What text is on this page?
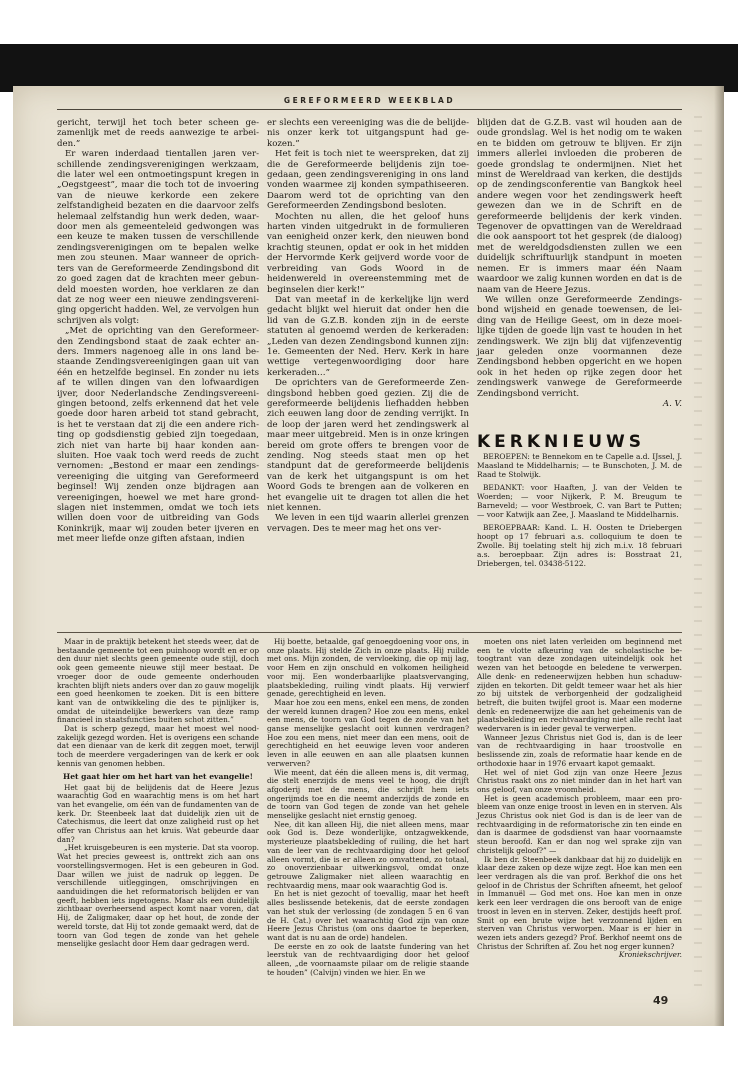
GEREFORMEERD WEEKBLAD

gericht, terwijl het toch beter scheen gezamenlijk met de reeds aanwezige te arbeiden.”

Er waren inderdaad tientallen jaren verschillende zendingsverenigingen werkzaam, die later wel een ontmoetingspunt kregen in „Oegstgeest”, maar die toch tot de invoering van de nieuwe kerkorde een zekere zelfstandigheid bezaten en die daarvoor zelfs helemaal zelfstandig hun werk deden, waardoor men als gemeenteleid gedwongen was een keuze te maken tussen de verschillende zendingsverenigingen om te bepalen welke men zou steunen. Maar wanneer de oprichters van de Gereformeerde Zendingsbond dit zo goed zagen dat de krachten meer gebundeld moesten worden, hoe verklaren ze dan dat ze nog weer een nieuwe zendingsvereniging opgericht hadden. Wel, ze vervolgen hun schrijven als volgt:

„Met de oprichting van den Gereformeerden Zendingsbond staat de zaak echter anders. Immers nagenoeg alle in ons land bestaande Zendingsvereenigingen gaan uit van één en hetzelfde beginsel. En zonder nu iets af te willen dingen van den lofwaardigen ijver, door Nederlandsche Zendingsvereenigingen betoond, zelfs erkennend dat het vele goede door haren arbeid tot stand gebracht, is het te verstaan dat zij die een andere richting op godsdienstig gebied zijn toegedaan, zich niet van harte bij haar konden aansluiten. Hoe vaak toch werd reeds de zucht vernomen: „Bestond er maar een zendingsvereeniging die uitging van Gereformeerd beginsel! Wij zenden onze bijdragen aan vereenigingen, hoewel we met hare grondslagen niet instemmen, omdat we toch iets willen doen voor de uitbreiding van Gods Koninkrijk, maar wij zouden beter ijveren en met meer liefde onze giften afstaan, indien

er slechts een vereeniging was die de belijdenis onzer kerk tot uitgangspunt had gekozen.”

Het feit is toch niet te weerspreken, dat zij die de Gereformeerde belijdenis zijn toegedaan, geen zendingsvereniging in ons land vonden waarmee zij konden sympathiseeren. Daarom werd tot de oprichting van den Gereformeerden Zendingsbond besloten.

Mochten nu allen, die het geloof huns harten vinden uitgedrukt in de formulieren van eenigheid onzer kerk, den nieuwen bond krachtig steunen, opdat er ook in het midden der Hervormde Kerk geijverd worde voor de verbreiding van Gods Woord in de heidenwereld in overeenstemming met de beginselen dier kerk!”

Dat van meetaf in de kerkelijke lijn werd gedacht blijkt wel hieruit dat onder hen die lid van de G.Z.B. konden zijn in de eerste statuten al genoemd werden de kerkeraden: „Leden van dezen Zendingsbond kunnen zijn: 1e. Gemeenten der Ned. Herv. Kerk in hare wettige vertegenwoordiging door hare kerkeraden…”

De oprichters van de Gereformeerde Zendingsbond hebben goed gezien. Zij die de gereformeerde belijdenis liefhadden hebben zich eeuwen lang door de zending verrijkt. In de loop der jaren werd het zendingswerk al maar meer uitgebreid. Men is in onze kringen bereid om grote offers te brengen voor de zending. Nog steeds staat men op het standpunt dat de gereformeerde belijdenis van de kerk het uitgangspunt is om het Woord Gods te brengen aan de volkeren en het evangelie uit te dragen tot allen die het niet kennen.

We leven in een tijd waarin allerlei grenzen vervagen. Des te meer mag het ons ver-

blijden dat de G.Z.B. vast wil houden aan de oude grondslag. Wel is het nodig om te waken en te bidden om getrouw te blijven. Er zijn immers allerlei invloeden die proberen de goede grondslag te ondermijnen. Niet het minst de Wereldraad van kerken, die destijds op de zendingsconferentie van Bangkok heel andere wegen voor het zendingswerk heeft gewezen dan we in de Schrift en de gereformeerde belijdenis der kerk vinden. Tegenover de opvattingen van de Wereldraad die ook aanspoort tot het gesprek (de dialoog) met de wereldgodsdiensten zullen we een duidelijk schriftuurlijk standpunt in moeten nemen. Er is immers maar één Naam waardoor we zalig kunnen worden en dat is de naam van de Heere Jezus.

We willen onze Gereformeerde Zendingsbond wijsheid en genade toewensen, de leiding van de Heilige Geest, om in deze moeilijke tijden de goede lijn vast te houden in het zendingswerk. We zijn blij dat vijfenzeventig jaar geleden onze voormannen deze Zendingsbond hebben opgericht en we hopen ook in het heden op rijke zegen door het zendingswerk vanwege de Gereformeerde Zendingsbond verricht.

A. V.

KERKNIEUWS

BEROEPEN: te Bennekom en te Capelle a.d. IJssel, J. Maasland te Middelharnis; — te Bunschoten, J. M. de Raad te Stolwijk.

BEDANKT: voor Haaften, J. van der Velden te Woerden; — voor Nijkerk, P. M. Breugum te Barneveld; — voor Westbroek, C. van Bart te Putten; — voor Katwijk aan Zee, J. Maasland te Middelharnis.

BEROEPBAAR: Kand. L. H. Oosten te Driebergen hoopt op 17 februari a.s. colloquium te doen te Zwolle. Bij toelating stelt hij zich m.i.v. 18 februari a.s. beroepbaar. Zijn adres is: Bosstraat 21, Driebergen, tel. 03438-5122.

Maar in de praktijk betekent het steeds weer, dat de bestaande gemeente tot een puinhoop wordt en er op den duur niet slechts geen gemeente oude stijl, doch ook geen gemeente nieuwe stijl meer bestaat. De vroeger door de oude gemeente onderhouden krachten blijft niets anders over dan zo gauw mogelijk een goed heenkomen te zoeken. Dit is een bittere kant van de ontwikkeling die des te pijnlijker is, omdat de uiteindelijke bewerkers van deze ramp financieel in staatsfuncties buiten schot zitten.”

Dat is scherp gezegd, maar het moest wel noodzakelijk gezegd worden. Het is overigens een schande dat een dienaar van de kerk dit zeggen moet, terwijl toch de meerdere vergaderingen van de kerk er ook kennis van genomen hebben.

Het gaat hier om het hart van het evangelie!

Het gaat bij de belijdenis dat de Heere Jezus waarachtig God en waarachtig mens is om het hart van het evangelie, om één van de fundamenten van de kerk. Dr. Steenbeek laat dat duidelijk zien uit de Catechismus, die leert dat onze zaligheid rust op het offer van Christus aan het kruis. Wat gebeurde daar dan?

„Het kruisgebeuren is een mysterie. Dat sta voorop. Wat het precies geweest is, onttrekt zich aan ons voorstellingsvermogen. Het is een gebeuren in God. Daar willen we juist de nadruk op leggen. De verschillende uitleggingen, omschrijvingen en aanduidingen die het reformatorisch belijden er van geeft, hebben iets ingetogens. Maar als een duidelijk zichtbaar overheersend aspect komt naar voren, dat Hij, de Zaligmaker, daar op het hout, de zonde der wereld torste, dat Hij tot zonde gemaakt werd, dat de toorn van God tegen de zonde van het gehele menselijke geslacht door Hem daar gedragen werd.

Hij boette, betaalde, gaf genoegdoening voor ons, in onze plaats. Hij stelde Zich in onze plaats. Hij ruilde met ons. Mijn zonden, de vervloeking, die op mij lag, voor Hem en zijn onschuld en volkomen heiligheid voor mij. Een wonderbaarlijke plaatsvervanging, plaatsbekleding, ruiling vindt plaats. Hij verwierf genade, gerechtigheid en leven.

Maar hoe zou een mens, enkel een mens, de zonden der wereld kunnen dragen? Hoe zou een mens, enkel een mens, de toorn van God tegen de zonde van het ganse menselijke geslacht ooit kunnen verdragen? Hoe zou een mens, niet meer dan een mens, ooit de gerechtigheid en het eeuwige leven voor anderen leven in alle eeuwen en aan alle plaatsen kunnen verwerven?

Wie meent, dat één die alleen mens is, dit vermag, die stelt enerzijds de mens veel te hoog, die drijft afgoderij met de mens, die schrijft hem iets ongerijmds toe en die neemt anderzijds de zonde en de toorn van God tegen de zonde van het gehele menselijke geslacht niet ernstig genoeg.

Nee, dit kan alleen Hij, die niet alleen mens, maar ook God is. Deze wonderlijke, ontzagwekkende, mysterieuze plaatsbekleding of ruiling, die het hart van de leer van de rechtvaardiging door het geloof alleen vormt, die is er alleen zo omvattend, zo totaal, zo onoverzienbaar uitwerkingsvol, omdat onze getrouwe Zaligmaker niet alleen waarachtig en rechtvaardig mens, maar ook waarachtig God is.

En het is niet gezocht of toevallig, maar het heeft alles beslissende betekenis, dat de eerste zondagen van het stuk der verlossing (de zondagen 5 en 6 van de H. Cat.) over het waarachtig God zijn van onze Heere Jezus Christus (om ons daartoe te beperken, want dat is nu aan de orde) handelen.

De eerste en zo ook de laatste fundering van het leerstuk van de rechtvaardiging door het geloof alleen, „de voornaamste pilaar om de religie staande te houden” (Calvijn) vinden we hier. En we

moeten ons niet laten verleiden om beginnend met een te vlotte afkeuring van de scholastische betoogtrant van deze zondagen uiteindelijk ook het wezen van het betoogde en beledene te verwerpen. Alle denk- en redeneerwijzen hebben hun schaduwzijden en tekorten. Dit geldt temeer waar het als hier zo bij uitstek de verborgenheid der godzaligheid betreft, die buiten twijfel groot is. Maar een moderne denk- en redeneerwijze die aan het geheimenis van de plaatsbekleding en rechtvaardiging niet alle recht laat wedervaren is in ieder geval te verwerpen.

Wanneer Jezus Christus niet God is, dan is de leer van de rechtvaardiging in haar troostvolle en beslissende zin, zoals de reformatie haar kende en de orthodoxie haar in 1976 ervaart kapot gemaakt.

Het wel of niet God zijn van onze Heere Jezus Christus raakt ons zo niet minder dan in het hart van ons geloof, van onze vroomheid.

Het is geen academisch probleem, maar een probleem van onze enige troost in leven en in sterven. Als Jezus Christus ook niet God is dan is de leer van de rechtvaardiging in de reformatorische zin ten einde en dan is daarmee de godsdienst van haar voornaamste steun beroofd. Kan er dan nog wel sprake zijn van christelijk geloof?” —

Ik ben dr. Steenbeek dankbaar dat hij zo duidelijk en klaar deze zaken op deze wijze zegt. Hoe kan men een leer verdragen als die van prof. Berkhof die ons het geloof in de Christus der Schriften afneemt, het geloof in Immanuël — God met ons. Hoe kan men in onze kerk een leer verdragen die ons berooft van de enige troost in leven en in sterven. Zeker, destijds heeft prof. Smit op een brute wijze het verzonnend lijden en sterven van Christus verworpen. Maar is er hier in wezen iets anders gezegd? Prof. Berkhof neemt ons de Christus der Schriften af. Zou het nog erger kunnen?

Kroniekschrijver.

49
